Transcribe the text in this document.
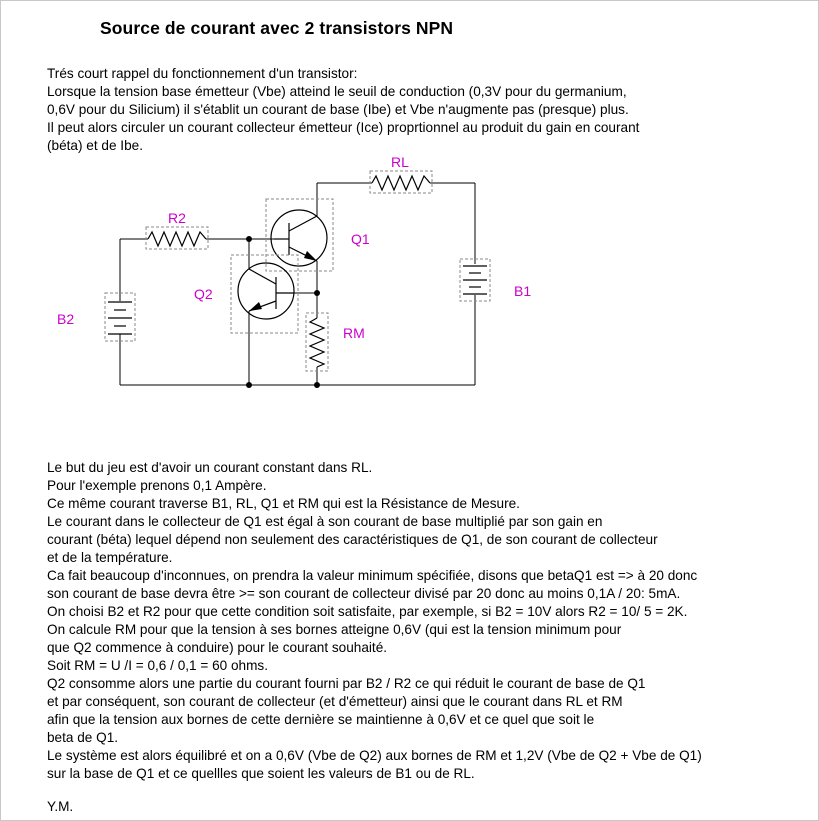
Source de courant avec 2 transistors NPN
Trés court rappel du fonctionnement d'un transistor:
Lorsque la tension base émetteur (Vbe) atteind le seuil de conduction (0,3V pour du germanium,
0,6V pour du Silicium) il s'établit un courant de base (Ibe) et Vbe n'augmente pas (presque) plus.
Il peut alors circuler un courant collecteur émetteur (Ice) proprtionnel au produit du gain en courant
(béta) et de Ibe.
RL
R2
Q1
Q2	B1
B2
RM
Le but du jeu est d'avoir un courant constant dans RL.
Pour l'exemple prenons 0,1 Ampère.
Ce même courant traverse B1, RL, Q1 et RM qui est la Résistance de Mesure.
Le courant dans le collecteur de Q1 est égal à son courant de base multiplié par son gain en
courant (béta) lequel dépend non seulement des caractéristiques de Q1, de son courant de collecteur
et de la température.
Ca fait beaucoup d'inconnues, on prendra la valeur minimum spécifiée, disons que betaQ1 est => à 20 donc
son courant de base devra être >= son courant de collecteur divisé par 20 donc au moins 0,1A / 20: 5mA.
On choisi B2 et R2 pour que cette condition soit satisfaite, par exemple, si B2 = 10V alors R2 = 10/ 5 = 2K.
On calcule RM pour que la tension à ses bornes atteigne 0,6V (qui est la tension minimum pour
que Q2 commence à conduire) pour le courant souhaité.
Soit RM = U /I = 0,6 / 0,1 = 60 ohms.
Q2 consomme alors une partie du courant fourni par B2 / R2 ce qui réduit le courant de base de Q1
et par conséquent, son courant de collecteur (et d'émetteur) ainsi que le courant dans RL et RM
afin que la tension aux bornes de cette dernière se maintienne à 0,6V et ce quel que soit le
beta de Q1.
Le système est alors équilibré et on a 0,6V (Vbe de Q2) aux bornes de RM et 1,2V (Vbe de Q2 + Vbe de Q1)
sur la base de Q1 et ce quellles que soient les valeurs de B1 ou de RL.
Y.M.
